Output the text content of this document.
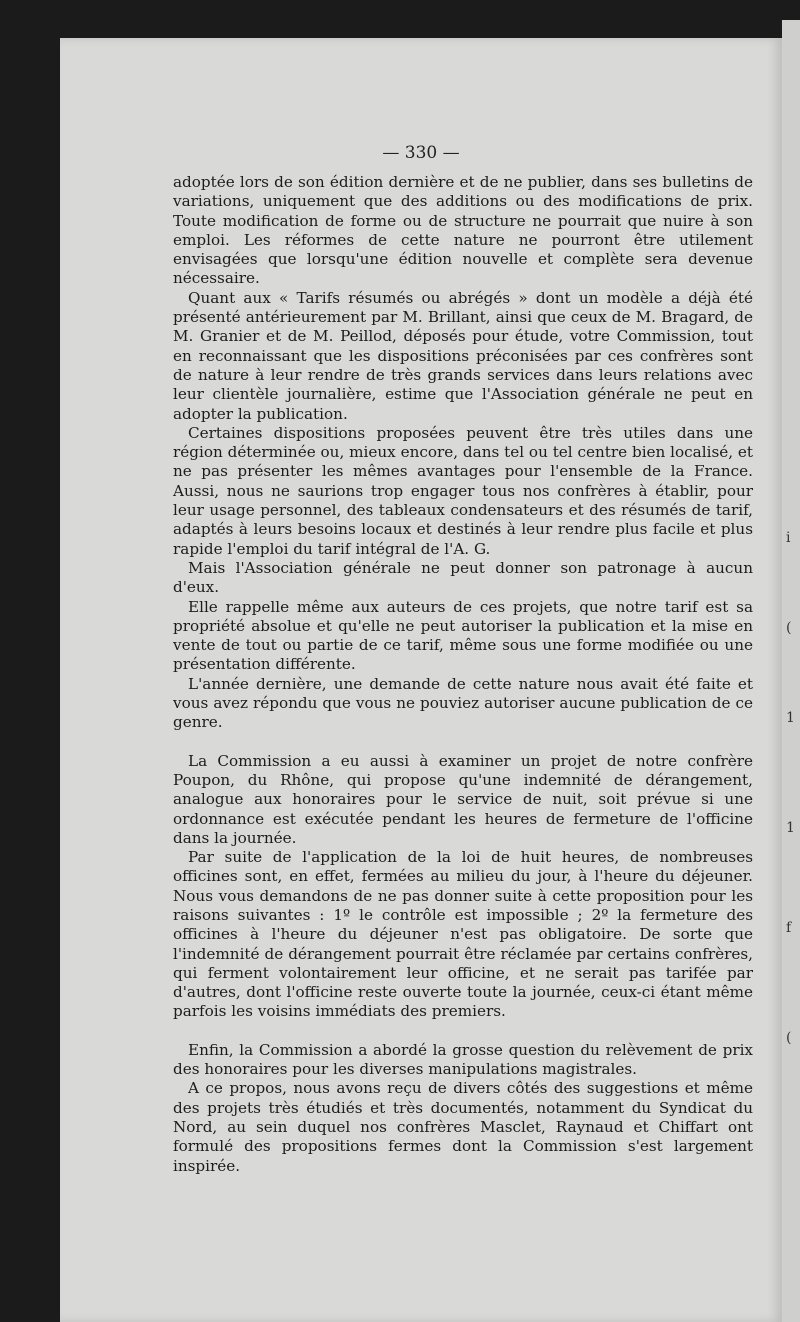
i
(
1
1
f
(
— 330 —

adoptée lors de son édition dernière et de ne publier, dans ses bulletins de variations, uniquement que des additions ou des modifications de prix. Toute modification de forme ou de structure ne pourrait que nuire à son emploi. Les réformes de cette nature ne pourront être utilement envisagées que lorsqu'une édition nouvelle et complète sera devenue nécessaire.

Quant aux « Tarifs résumés ou abrégés » dont un modèle a déjà été présenté antérieurement par M. Brillant, ainsi que ceux de M. Bragard, de M. Granier et de M. Peillod, déposés pour étude, votre Commission, tout en reconnaissant que les dispositions préconisées par ces confrères sont de nature à leur rendre de très grands services dans leurs relations avec leur clientèle journalière, estime que l'Association générale ne peut en adopter la publication.

Certaines dispositions proposées peuvent être très utiles dans une région déterminée ou, mieux encore, dans tel ou tel centre bien localisé, et ne pas présenter les mêmes avantages pour l'ensemble de la France. Aussi, nous ne saurions trop engager tous nos confrères à établir, pour leur usage personnel, des tableaux condensateurs et des résumés de tarif, adaptés à leurs besoins locaux et destinés à leur rendre plus facile et plus rapide l'emploi du tarif intégral de l'A. G.

Mais l'Association générale ne peut donner son patronage à aucun d'eux.

Elle rappelle même aux auteurs de ces projets, que notre tarif est sa propriété absolue et qu'elle ne peut autoriser la publication et la mise en vente de tout ou partie de ce tarif, même sous une forme modifiée ou une présentation différente.

L'année dernière, une demande de cette nature nous avait été faite et vous avez répondu que vous ne pouviez autoriser aucune publication de ce genre.

La Commission a eu aussi à examiner un projet de notre confrère Poupon, du Rhône, qui propose qu'une indemnité de dérangement, analogue aux honoraires pour le service de nuit, soit prévue si une ordonnance est exécutée pendant les heures de fermeture de l'officine dans la journée.

Par suite de l'application de la loi de huit heures, de nombreuses officines sont, en effet, fermées au milieu du jour, à l'heure du déjeuner. Nous vous demandons de ne pas donner suite à cette proposition pour les raisons suivantes : 1º le contrôle est impossible ; 2º la fermeture des officines à l'heure du déjeuner n'est pas obligatoire. De sorte que l'indemnité de dérangement pourrait être réclamée par certains confrères, qui ferment volontairement leur officine, et ne serait pas tarifée par d'autres, dont l'officine reste ouverte toute la journée, ceux-ci étant même parfois les voisins immédiats des premiers.

Enfin, la Commission a abordé la grosse question du relèvement de prix des honoraires pour les diverses manipulations magistrales.

A ce propos, nous avons reçu de divers côtés des suggestions et même des projets très étudiés et très documentés, notamment du Syndicat du Nord, au sein duquel nos confrères Masclet, Raynaud et Chiffart ont formulé des propositions fermes dont la Commission s'est largement inspirée.
